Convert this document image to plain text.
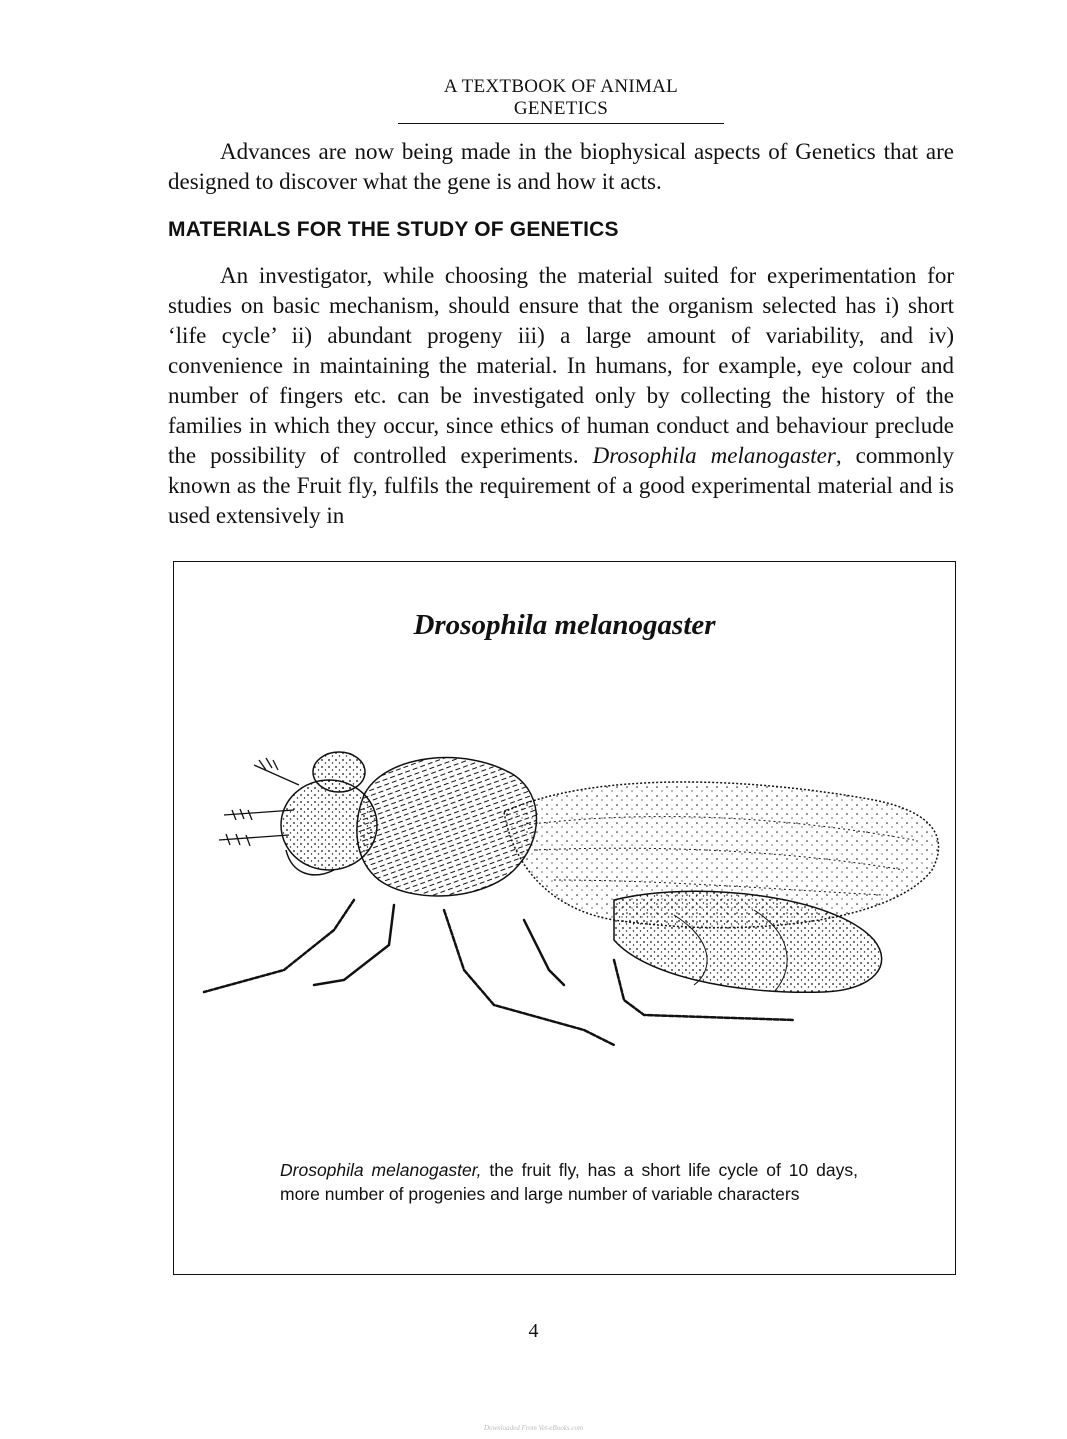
A TEXTBOOK OF ANIMAL GENETICS

Advances are now being made in the biophysical aspects of Genetics that are designed to discover what the gene is and how it acts.

MATERIALS FOR THE STUDY OF GENETICS

An investigator, while choosing the material suited for experimentation for studies on basic mechanism, should ensure that the organism selected has i) short ‘life cycle’ ii) abundant progeny iii) a large amount of variability, and iv) convenience in maintaining the material. In humans, for example, eye colour and number of fingers etc. can be investigated only by collecting the history of the families in which they occur, since ethics of human conduct and behaviour preclude the possibility of controlled experiments. Drosophila melanogaster, commonly known as the Fruit fly, fulfils the requirement of a good experimental material and is used extensively in

Drosophila melanogaster
Drosophila melanogaster, the fruit fly, has a short life cycle of 10 days, more number of progenies and large number of variable characters
4
Downloaded From Vet-eBooks.com
